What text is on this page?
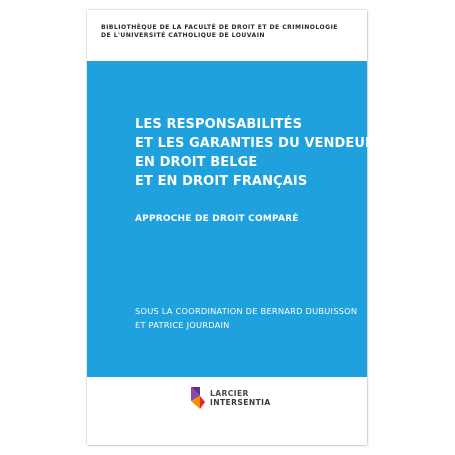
BIBLIOTHÈQUE DE LA FACULTÉ DE DROIT ET DE CRIMINOLOGIE
DE L'UNIVERSITÉ CATHOLIQUE DE LOUVAIN
LES RESPONSABILITÉS
ET LES GARANTIES DU VENDEUR
EN DROIT BELGE
ET EN DROIT FRANÇAIS
APPROCHE DE DROIT COMPARÉ
SOUS LA COORDINATION DE BERNARD DUBUISSON
ET PATRICE JOURDAIN
LARCIER
INTERSENTIA
